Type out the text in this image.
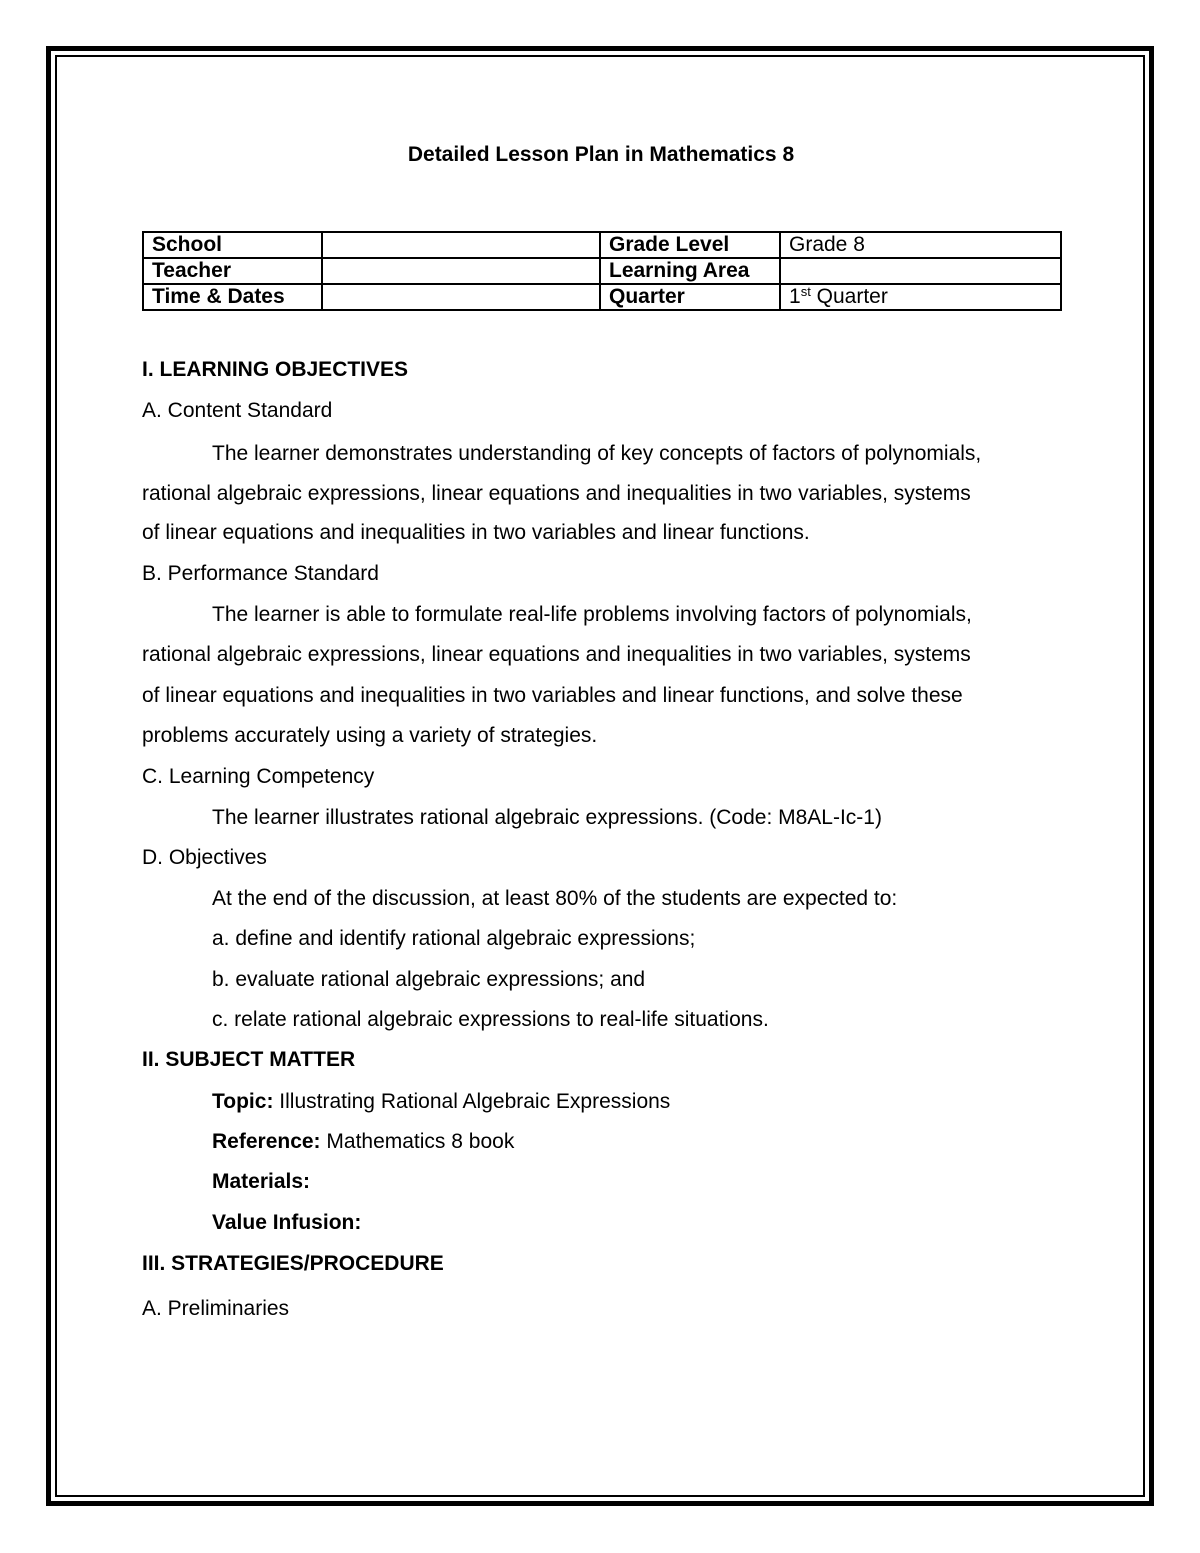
Detailed Lesson Plan in Mathematics 8
School		Grade Level	Grade 8
Teacher		Learning Area	
Time & Dates		Quarter	1st Quarter
I. LEARNING OBJECTIVES
A. Content Standard
The learner demonstrates understanding of key concepts of factors of polynomials,
rational algebraic expressions, linear equations and inequalities in two variables, systems
of linear equations and inequalities in two variables and linear functions.
B. Performance Standard
The learner is able to formulate real-life problems involving factors of polynomials,
rational algebraic expressions, linear equations and inequalities in two variables, systems
of linear equations and inequalities in two variables and linear functions, and solve these
problems accurately using a variety of strategies.
C. Learning Competency
The learner illustrates rational algebraic expressions. (Code: M8AL-Ic-1)
D. Objectives
At the end of the discussion, at least 80% of the students are expected to:
a. define and identify rational algebraic expressions;
b. evaluate rational algebraic expressions; and
c. relate rational algebraic expressions to real-life situations.
II. SUBJECT MATTER
Topic: Illustrating Rational Algebraic Expressions
Reference: Mathematics 8 book
Materials:
Value Infusion:
III. STRATEGIES/PROCEDURE
A. Preliminaries
